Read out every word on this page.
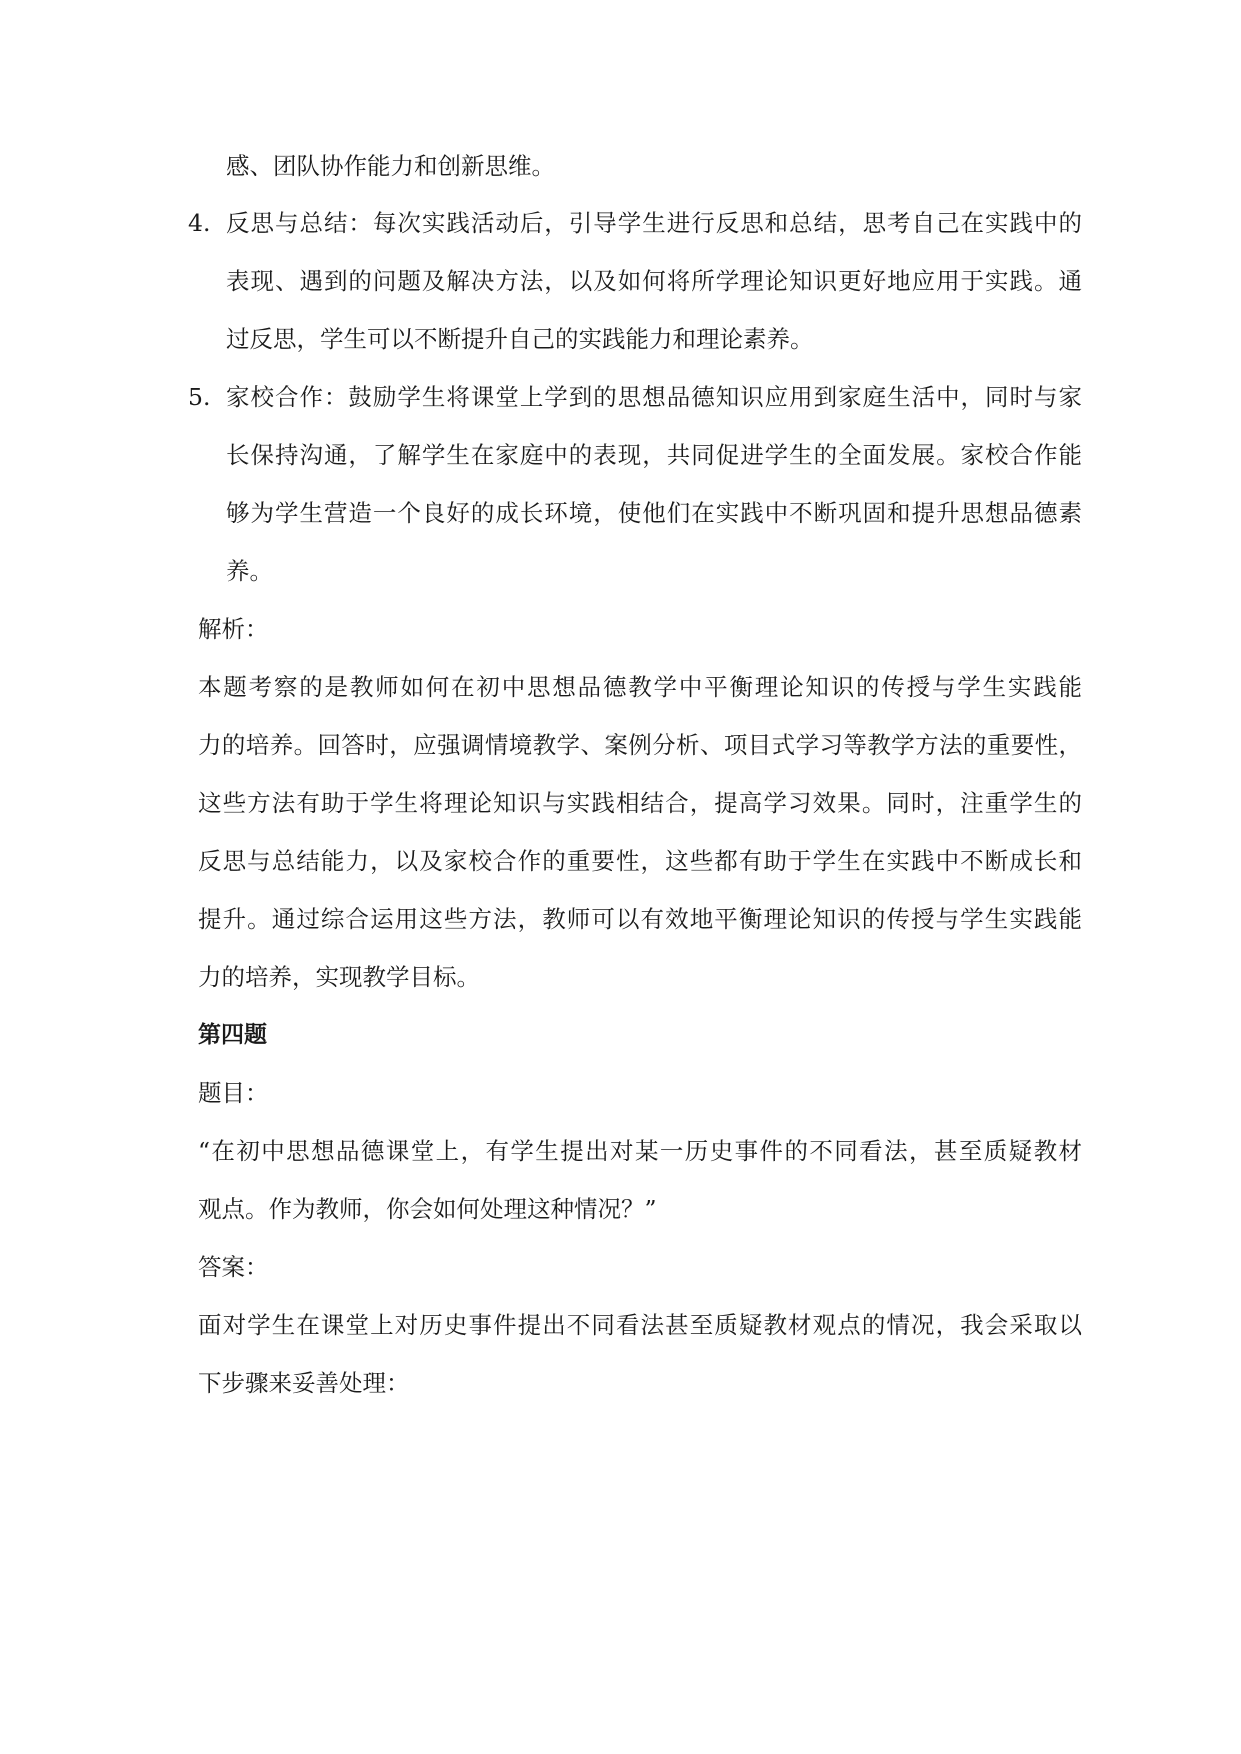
感、团队协作能力和创新思维。
4. 反思与总结：每次实践活动后，引导学生进行反思和总结，思考自己在实践中的
表现、遇到的问题及解决方法，以及如何将所学理论知识更好地应用于实践。通
过反思，学生可以不断提升自己的实践能力和理论素养。
5. 家校合作：鼓励学生将课堂上学到的思想品德知识应用到家庭生活中，同时与家
长保持沟通，了解学生在家庭中的表现，共同促进学生的全面发展。家校合作能
够为学生营造一个良好的成长环境，使他们在实践中不断巩固和提升思想品德素
养。
解析：
本题考察的是教师如何在初中思想品德教学中平衡理论知识的传授与学生实践能
力的培养。回答时，应强调情境教学、案例分析、项目式学习等教学方法的重要性，
这些方法有助于学生将理论知识与实践相结合，提高学习效果。同时，注重学生的
反思与总结能力，以及家校合作的重要性，这些都有助于学生在实践中不断成长和
提升。通过综合运用这些方法，教师可以有效地平衡理论知识的传授与学生实践能
力的培养，实现教学目标。
第四题
题目：
“在初中思想品德课堂上，有学生提出对某一历史事件的不同看法，甚至质疑教材
观点。作为教师，你会如何处理这种情况？”
答案：
面对学生在课堂上对历史事件提出不同看法甚至质疑教材观点的情况，我会采取以
下步骤来妥善处理：
